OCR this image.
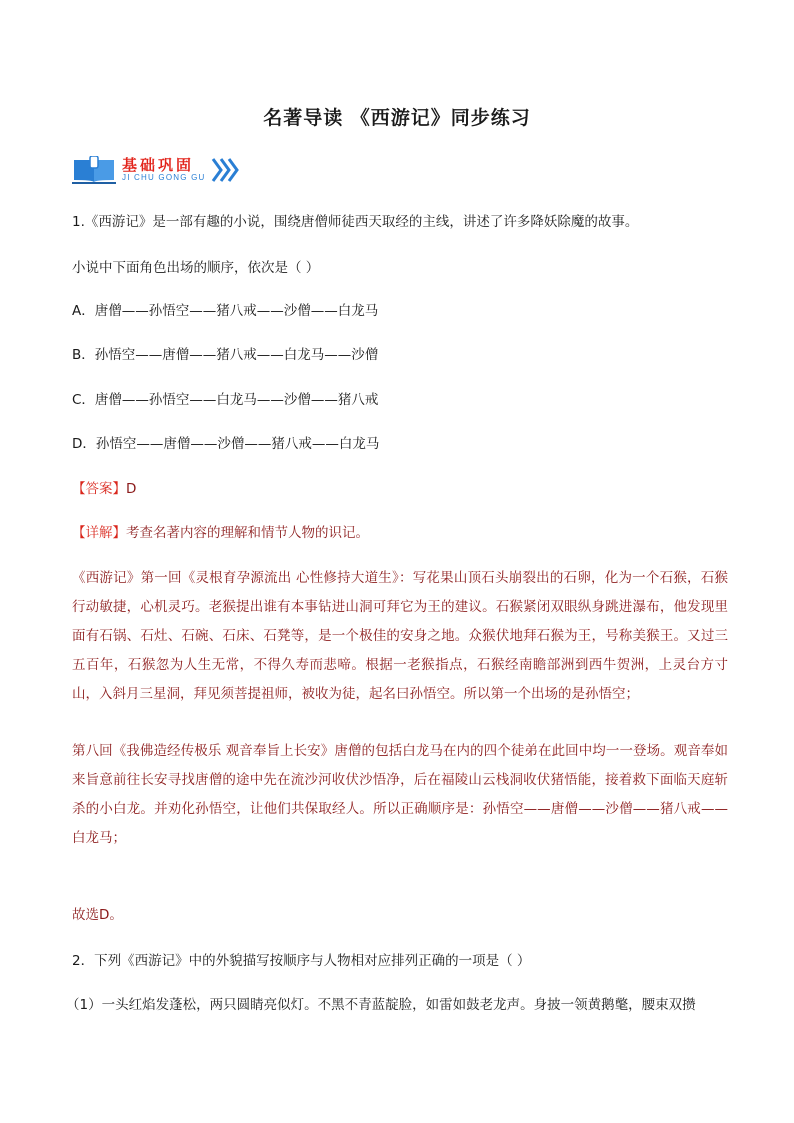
名著导读 《西游记》同步练习
基础巩固
JI CHU GONG GU
1.《西游记》是一部有趣的小说，围绕唐僧师徒西天取经的主线，讲述了许多降妖除魔的故事。
小说中下面角色出场的顺序，依次是（ ）
A．唐僧——孙悟空——猪八戒——沙僧——白龙马
B．孙悟空——唐僧——猪八戒——白龙马——沙僧
C．唐僧——孙悟空——白龙马——沙僧——猪八戒
D．孙悟空——唐僧——沙僧——猪八戒——白龙马
【答案】D
【详解】考查名著内容的理解和情节人物的识记。
《西游记》第一回《灵根育孕源流出 心性修持大道生》：写花果山顶石头崩裂出的石卵，化为一个石猴，石猴行动敏捷，心机灵巧。老猴提出谁有本事钻进山洞可拜它为王的建议。石猴紧闭双眼纵身跳进瀑布，他发现里面有石锅、石灶、石碗、石床、石凳等，是一个极佳的安身之地。众猴伏地拜石猴为王，号称美猴王。又过三五百年，石猴忽为人生无常，不得久寿而悲啼。根据一老猴指点，石猴经南瞻部洲到西牛贺洲，上灵台方寸山，入斜月三星洞，拜见须菩提祖师，被收为徒，起名曰孙悟空。所以第一个出场的是孙悟空；
第八回《我佛造经传极乐 观音奉旨上长安》唐僧的包括白龙马在内的四个徒弟在此回中均一一登场。观音奉如来旨意前往长安寻找唐僧的途中先在流沙河收伏沙悟净，后在福陵山云栈洞收伏猪悟能，接着救下面临天庭斩杀的小白龙。并劝化孙悟空，让他们共保取经人。所以正确顺序是：孙悟空——唐僧——沙僧——猪八戒——白龙马；
故选D。
2．下列《西游记》中的外貌描写按顺序与人物相对应排列正确的一项是（ ）
（1）一头红焰发蓬松，两只圆睛亮似灯。不黑不青蓝靛脸，如雷如鼓老龙声。身披一领黄鹅氅，腰束双攒
